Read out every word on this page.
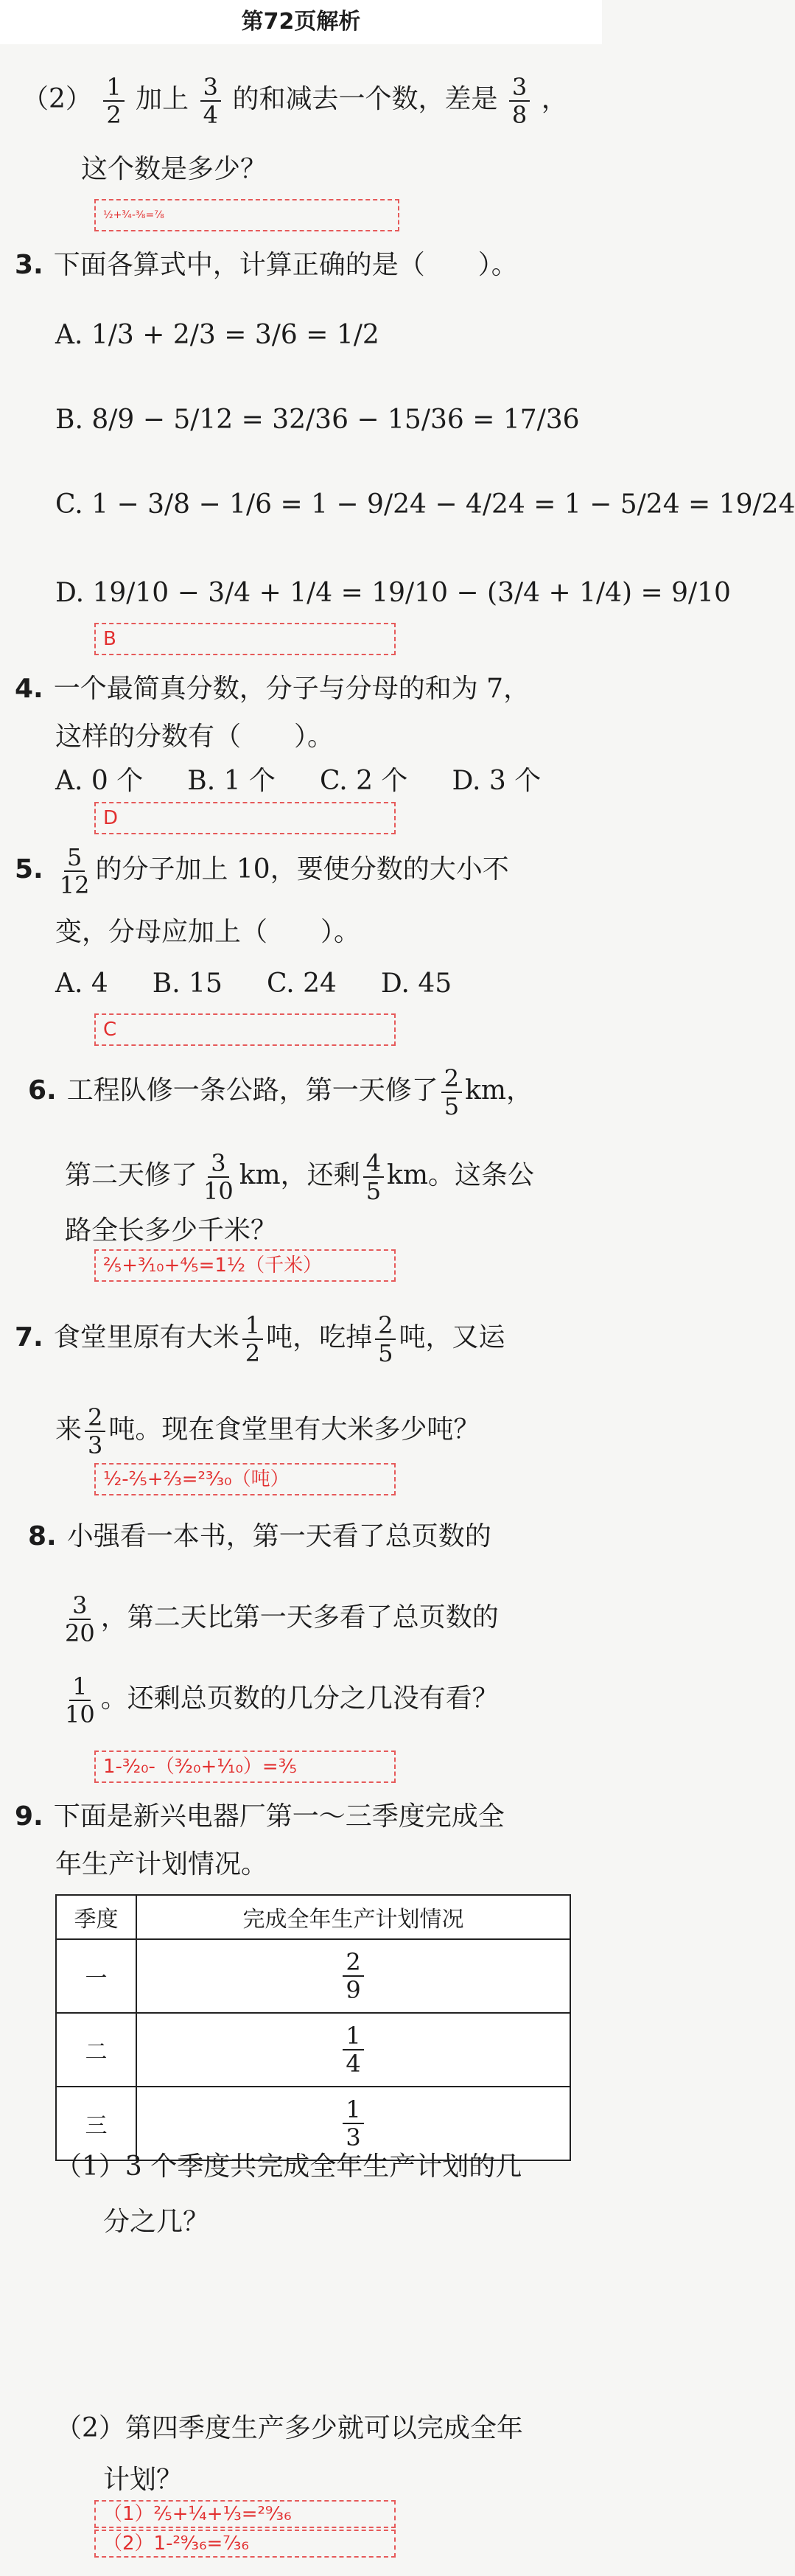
第72页解析
$(2) \frac{1}{2}$ 加上 $\frac{3}{4}$ 的和减去一个数，差是 $\frac{3}{8}$ ，
这个数是多少？
½+¾-⅜=⅞
3. 下面各算式中，计算正确的是（　　）。
A. 1/3 + 2/3 = 3/6 = 1/2
B. 8/9 − 5/12 = 32/36 − 15/36 = 17/36
C. 1 − 3/8 − 1/6 = 1 − 9/24 − 4/24 = 1 − 5/24 = 19/24
D. 19/10 − 3/4 + 1/4 = 19/10 − (3/4 + 1/4) = 9/10
B
4. 一个最简真分数，分子与分母的和为 7，
这样的分数有（　　）。
A. 0 个 B. 1 个 C. 2 个 D. 3 个
D
5. $\frac{5}{12}$ 的分子加上 10，要使分数的大小不
变，分母应加上（　　）。
A. 4 B. 15 C. 24 D. 45
C
6. 工程队修一条公路，第一天修了 $\frac{2}{5}$ km，
第二天修了 $\frac{3}{10}$ km，还剩 $\frac{4}{5}$ km。这条公
路全长多少千米？
⅖+³⁄₁₀+⅘=1½（千米）
7. 食堂里原有大米 $\frac{1}{2}$ 吨，吃掉 $\frac{2}{5}$ 吨，又运
来 $\frac{2}{3}$ 吨。现在食堂里有大米多少吨？
½-⅖+⅔=²³⁄₃₀（吨）
8. 小强看一本书，第一天看了总页数的
$\frac{3}{20}$ ，第二天比第一天多看了总页数的
$\frac{1}{10}$ 。还剩总页数的几分之几没有看？
1-³⁄₂₀-（³⁄₂₀+¹⁄₁₀）=⅗
9. 下面是新兴电器厂第一～三季度完成全
年生产计划情况。
季度	完成全年生产计划情况
一	$\frac{2}{9}$

二	$\frac{1}{4}$

三	$\frac{1}{3}$
（1）3 个季度共完成全年生产计划的几
分之几？
（2）第四季度生产多少就可以完成全年
计划？
（1）⅖+¼+⅓=²⁹⁄₃₆
（2）1-²⁹⁄₃₆=⁷⁄₃₆
